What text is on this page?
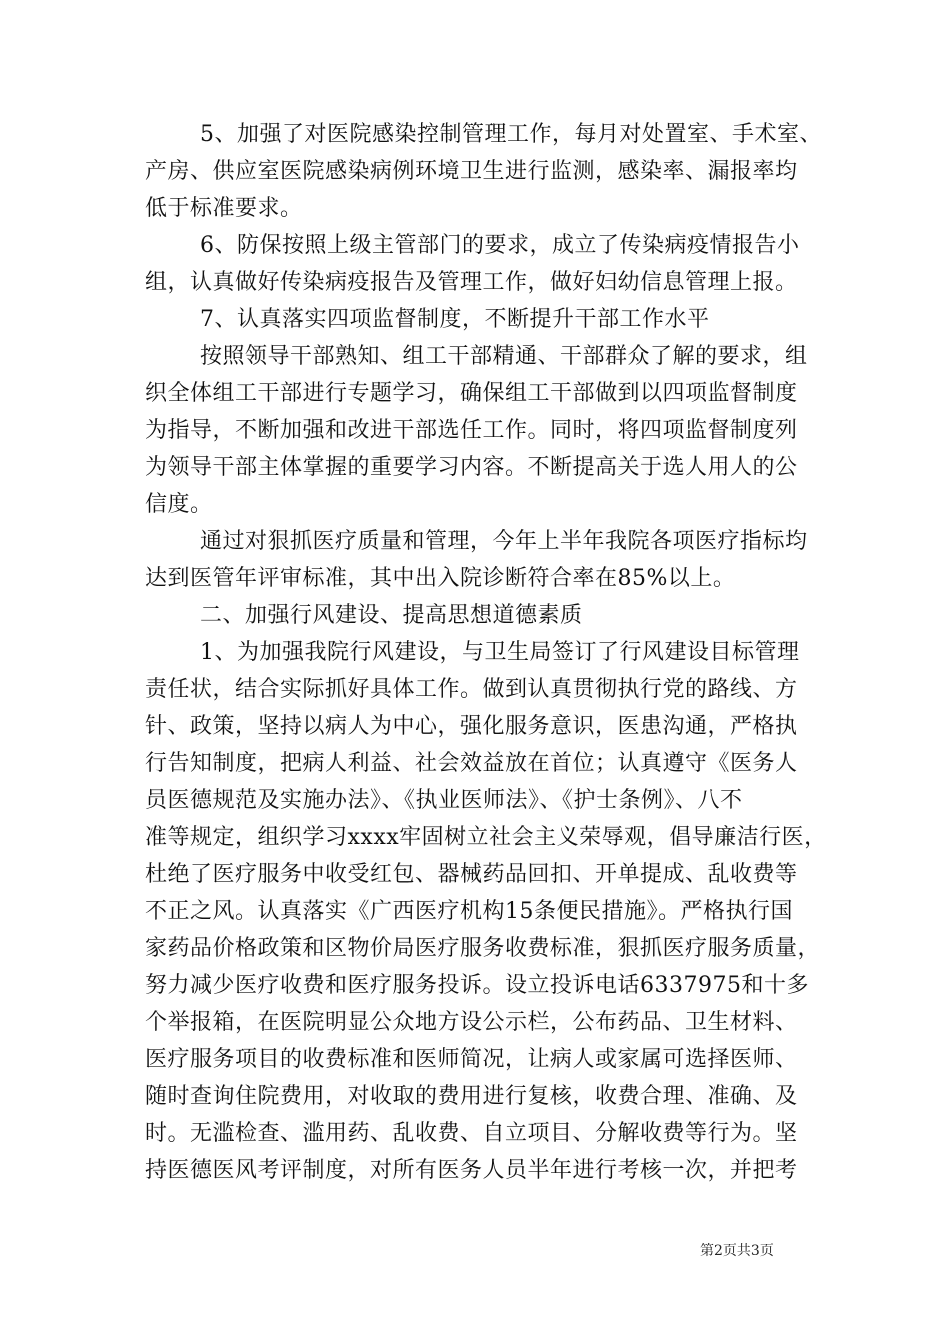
5、加强了对医院感染控制管理工作，每月对处置室、手术室、
产房、供应室医院感染病例环境卫生进行监测，感染率、漏报率均
低于标准要求。
6、防保按照上级主管部门的要求，成立了传染病疫情报告小
组，认真做好传染病疫报告及管理工作，做好妇幼信息管理上报。
7、认真落实四项监督制度，不断提升干部工作水平
按照领导干部熟知、组工干部精通、干部群众了解的要求，组
织全体组工干部进行专题学习，确保组工干部做到以四项监督制度
为指导，不断加强和改进干部选任工作。同时，将四项监督制度列
为领导干部主体掌握的重要学习内容。不断提高关于选人用人的公
信度。
通过对狠抓医疗质量和管理，今年上半年我院各项医疗指标均
达到医管年评审标准，其中出入院诊断符合率在85%以上。
二、加强行风建设、提高思想道德素质
1、为加强我院行风建设，与卫生局签订了行风建设目标管理
责任状，结合实际抓好具体工作。做到认真贯彻执行党的路线、方
针、政策，坚持以病人为中心，强化服务意识，医患沟通，严格执
行告知制度，把病人利益、社会效益放在首位；认真遵守《医务人
员医德规范及实施办法》、《执业医师法》、《护士条例》、八不
准等规定，组织学习xxxx牢固树立社会主义荣辱观，倡导廉洁行医，
杜绝了医疗服务中收受红包、器械药品回扣、开单提成、乱收费等
不正之风。认真落实《广西医疗机构15条便民措施》。严格执行国
家药品价格政策和区物价局医疗服务收费标准，狠抓医疗服务质量，
努力减少医疗收费和医疗服务投诉。设立投诉电话6337975和十多
个举报箱，在医院明显公众地方设公示栏，公布药品、卫生材料、
医疗服务项目的收费标准和医师简况，让病人或家属可选择医师、
随时查询住院费用，对收取的费用进行复核，收费合理、准确、及
时。无滥检查、滥用药、乱收费、自立项目、分解收费等行为。坚
持医德医风考评制度，对所有医务人员半年进行考核一次，并把考
第2页共3页
